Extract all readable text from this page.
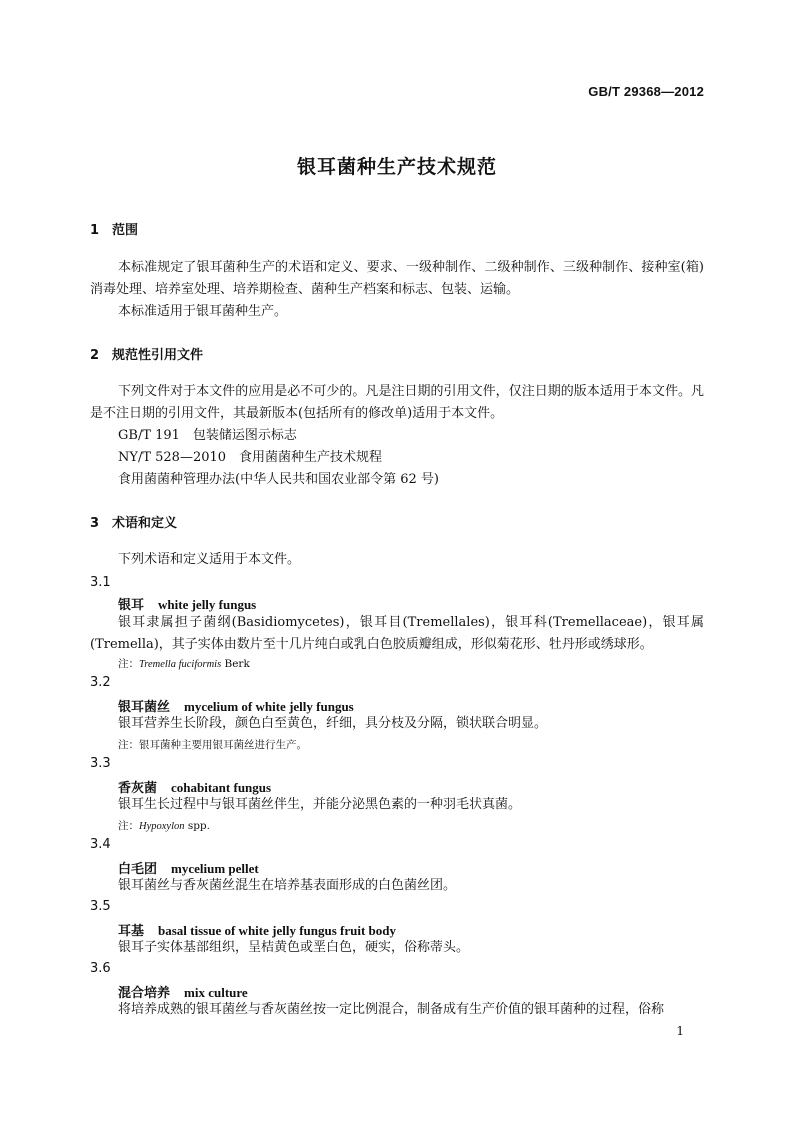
GB/T 29368—2012
银耳菌种生产技术规范
1 范围
本标准规定了银耳菌种生产的术语和定义、要求、一级种制作、二级种制作、三级种制作、接种室(箱)消毒处理、培养室处理、培养期检查、菌种生产档案和标志、包装、运输。
本标准适用于银耳菌种生产。
2 规范性引用文件
下列文件对于本文件的应用是必不可少的。凡是注日期的引用文件，仅注日期的版本适用于本文件。凡是不注日期的引用文件，其最新版本(包括所有的修改单)适用于本文件。
GB/T 191　包装储运图示标志
NY/T 528—2010　食用菌菌种生产技术规程
食用菌菌种管理办法(中华人民共和国农业部令第 62 号)
3 术语和定义
下列术语和定义适用于本文件。
3.1
银耳 white jelly fungus
银耳隶属担子菌纲(Basidiomycetes)，银耳目(Tremellales)，银耳科(Tremellaceae)，银耳属(Tremella)，其子实体由数片至十几片纯白或乳白色胶质瓣组成，形似菊花形、牡丹形或绣球形。
注：Tremella fuciformis Berk
3.2
银耳菌丝 mycelium of white jelly fungus
银耳营养生长阶段，颜色白至黄色，纤细，具分枝及分隔，锁状联合明显。
注：银耳菌种主要用银耳菌丝进行生产。
3.3
香灰菌 cohabitant fungus
银耳生长过程中与银耳菌丝伴生，并能分泌黑色素的一种羽毛状真菌。
注：Hypoxylon spp.
3.4
白毛团 mycelium pellet
银耳菌丝与香灰菌丝混生在培养基表面形成的白色菌丝团。
3.5
耳基 basal tissue of white jelly fungus fruit body
银耳子实体基部组织，呈桔黄色或垩白色，硬实，俗称蒂头。
3.6
混合培养 mix culture
将培养成熟的银耳菌丝与香灰菌丝按一定比例混合，制备成有生产价值的银耳菌种的过程，俗称
1
